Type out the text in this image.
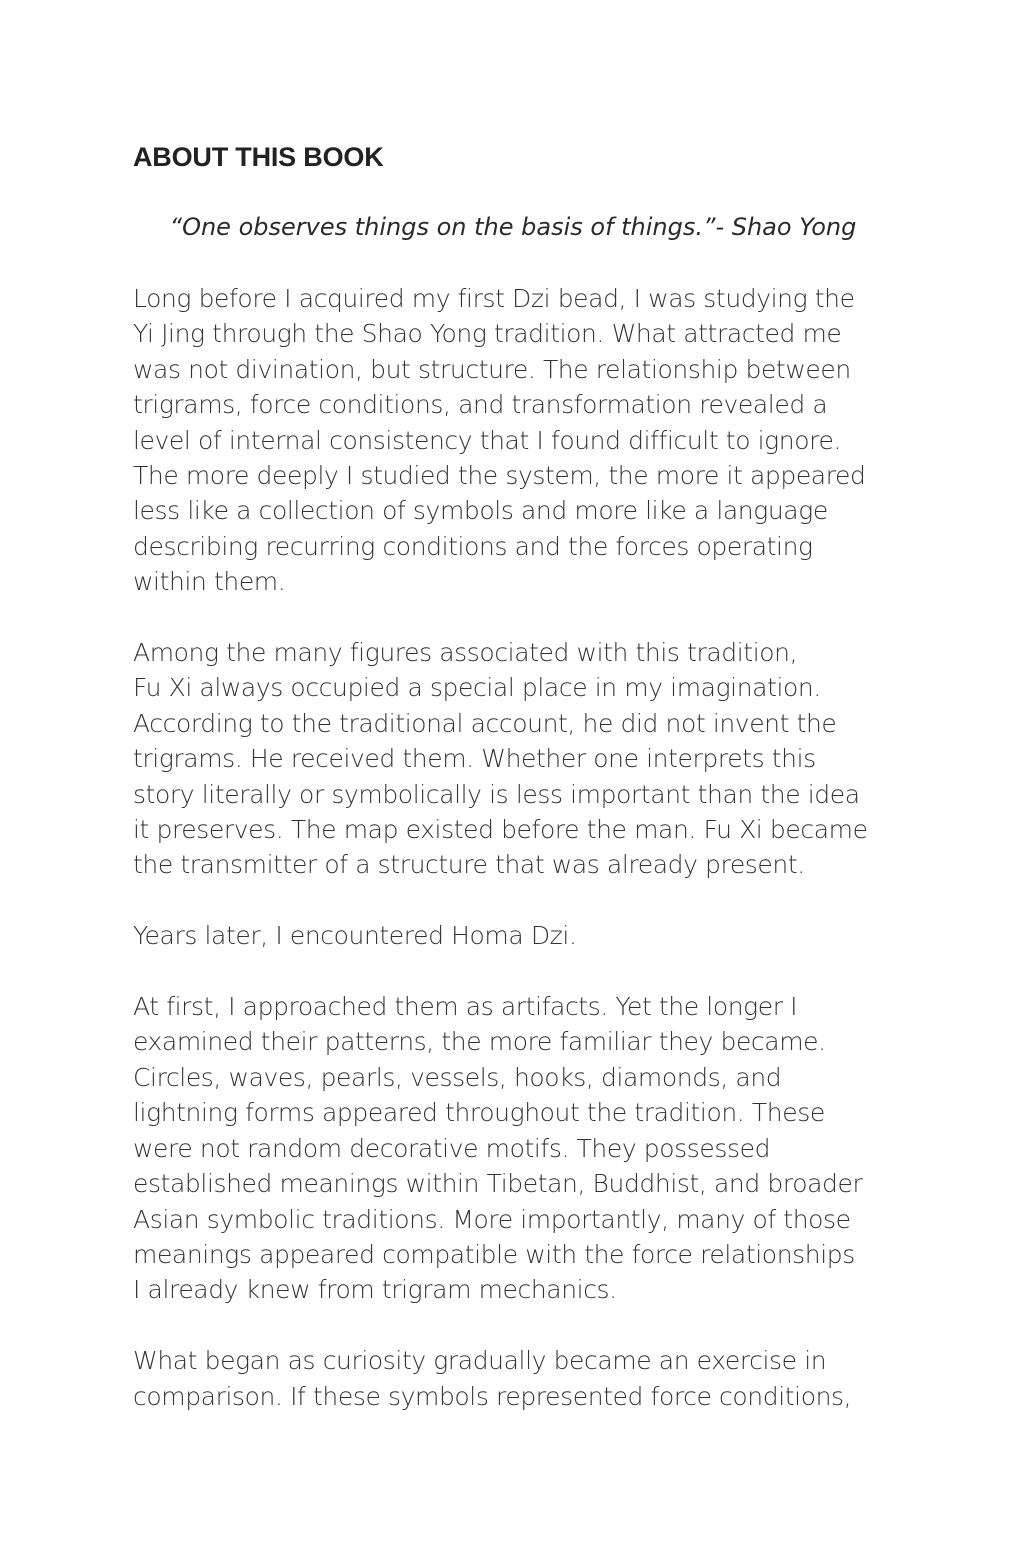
ABOUT THIS BOOK

“One observes things on the basis of things.”- Shao Yong

Long before I acquired my first Dzi bead, I was studying the
Yi Jing through the Shao Yong tradition. What attracted me
was not divination, but structure. The relationship between
trigrams, force conditions, and transformation revealed a
level of internal consistency that I found difficult to ignore.
The more deeply I studied the system, the more it appeared
less like a collection of symbols and more like a language
describing recurring conditions and the forces operating
within them.

Among the many figures associated with this tradition,
Fu Xi always occupied a special place in my imagination.
According to the traditional account, he did not invent the
trigrams. He received them. Whether one interprets this
story literally or symbolically is less important than the idea
it preserves. The map existed before the man. Fu Xi became
the transmitter of a structure that was already present.

Years later, I encountered Homa Dzi.

At first, I approached them as artifacts. Yet the longer I
examined their patterns, the more familiar they became.
Circles, waves, pearls, vessels, hooks, diamonds, and
lightning forms appeared throughout the tradition. These
were not random decorative motifs. They possessed
established meanings within Tibetan, Buddhist, and broader
Asian symbolic traditions. More importantly, many of those
meanings appeared compatible with the force relationships
I already knew from trigram mechanics.

What began as curiosity gradually became an exercise in
comparison. If these symbols represented force conditions,
